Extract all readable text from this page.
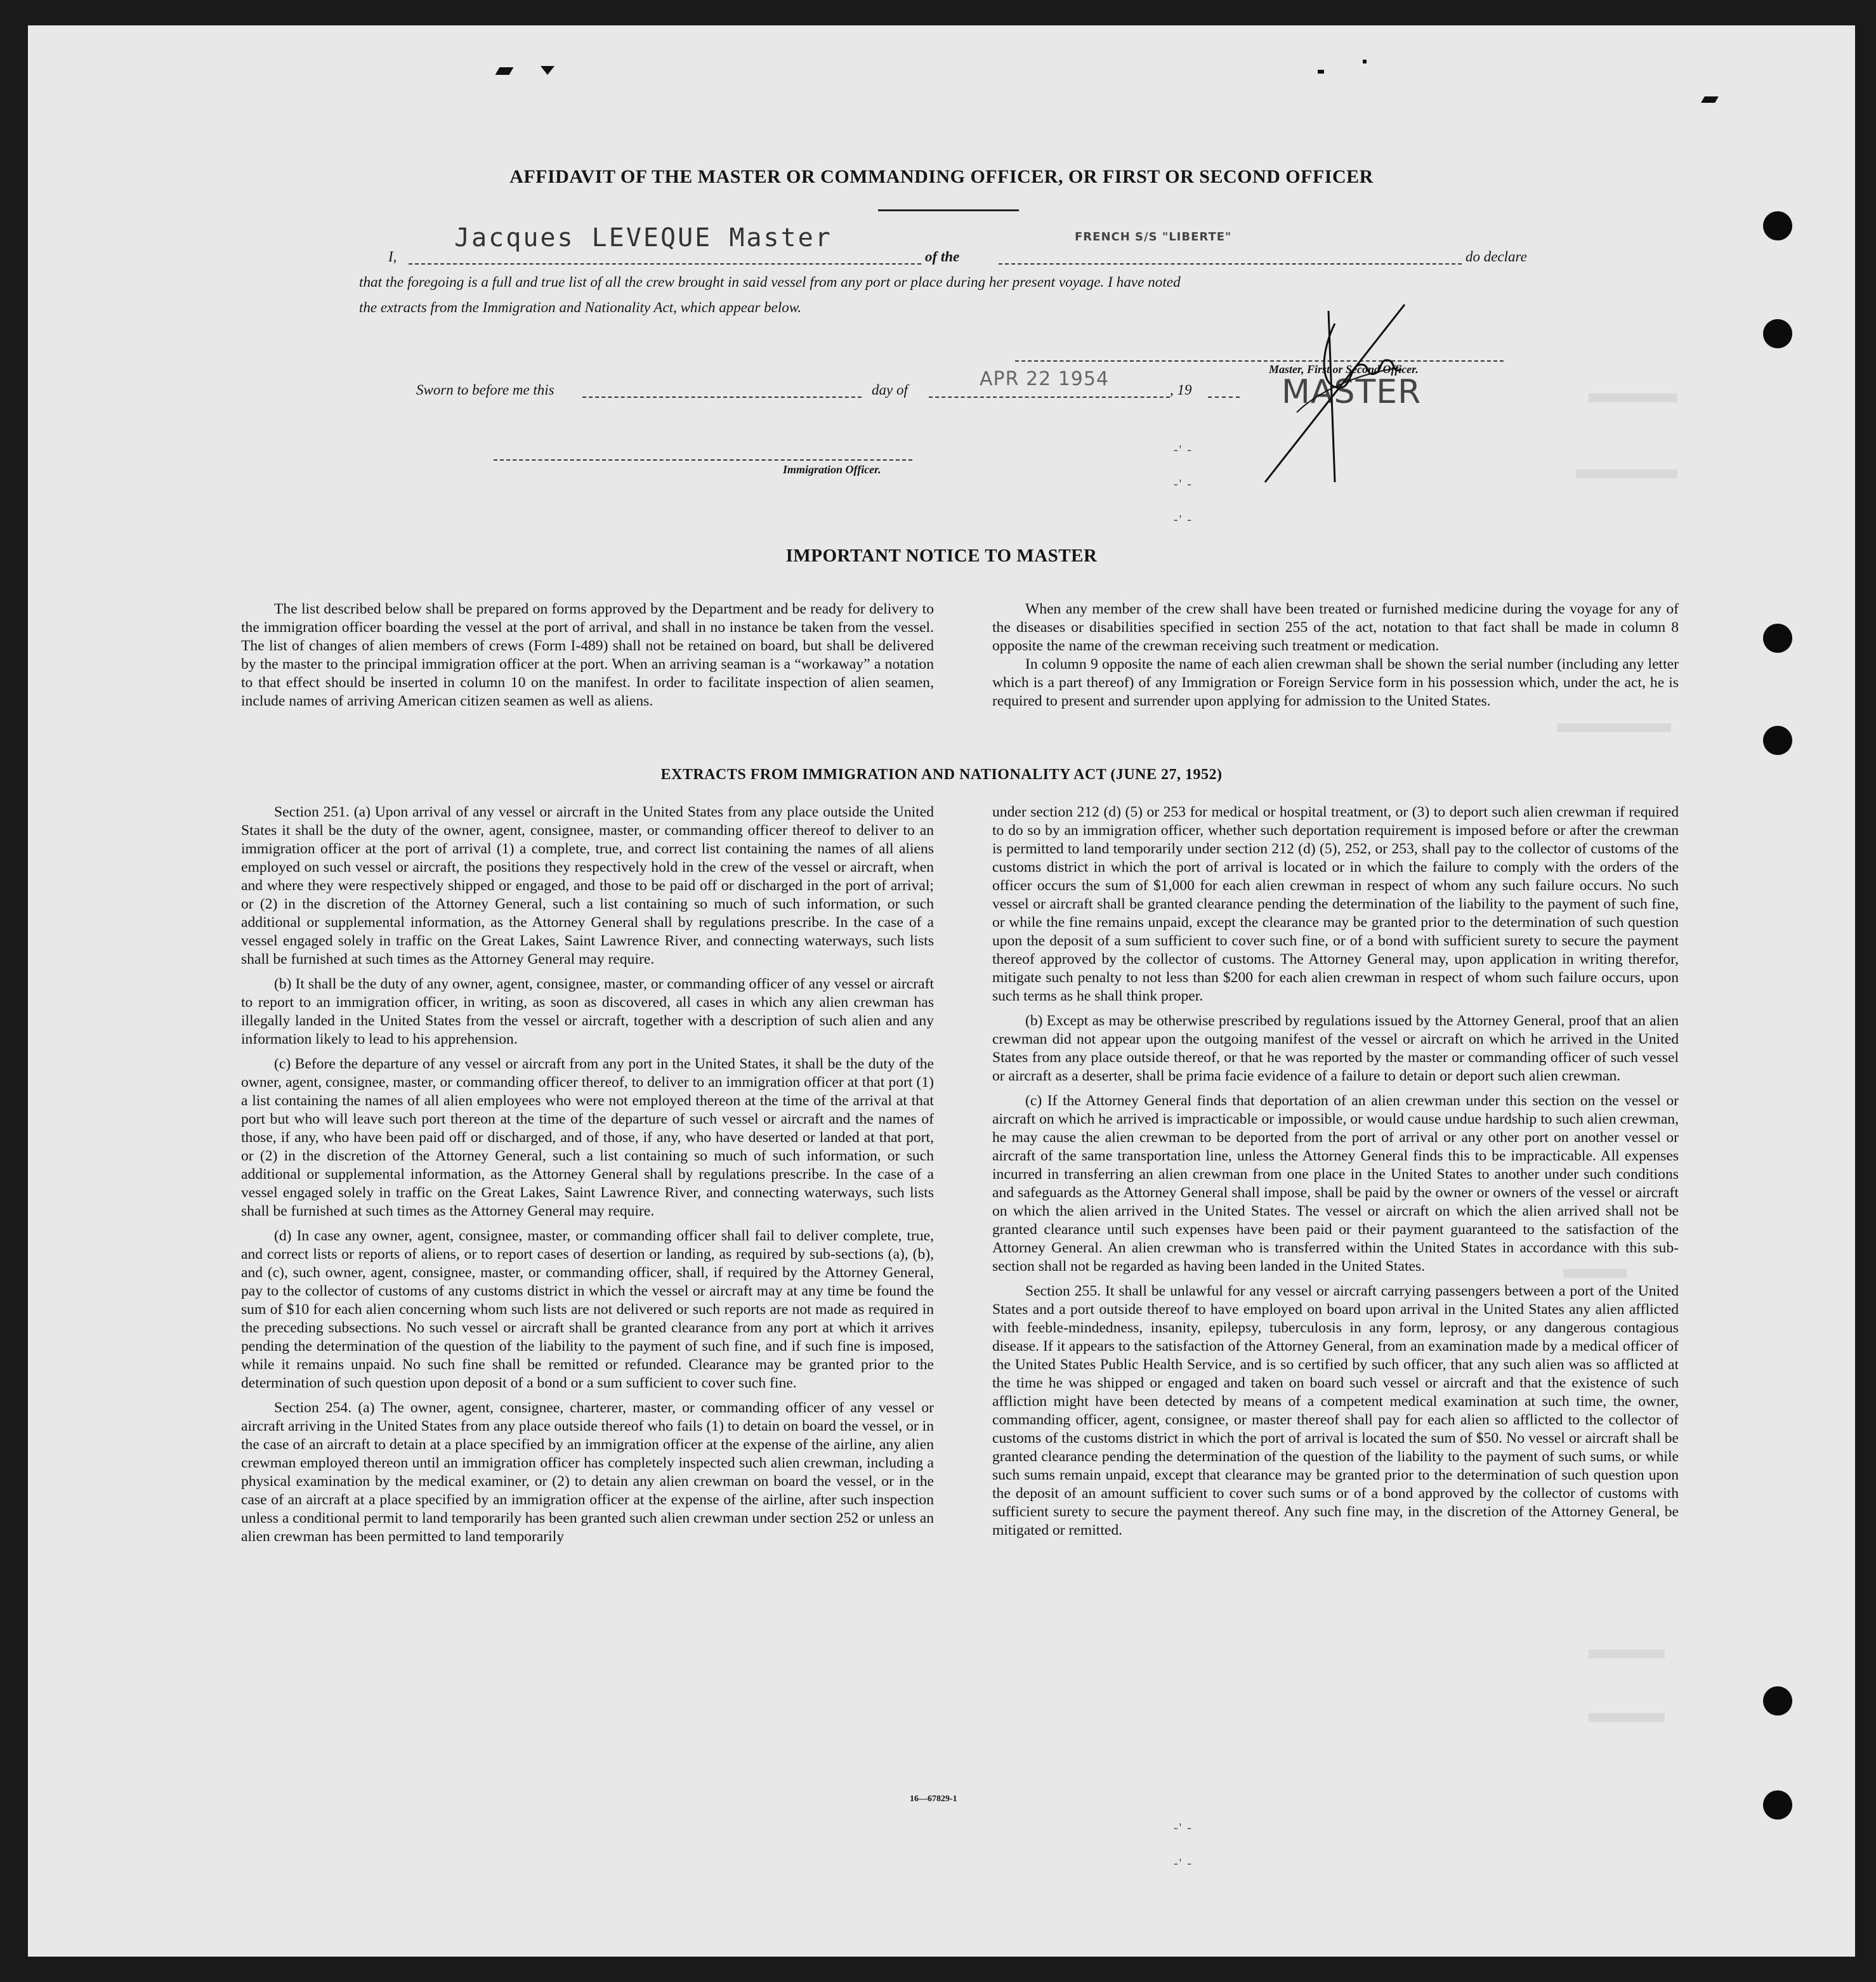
AFFIDAVIT OF THE MASTER OR COMMANDING OFFICER, OR FIRST OR SECOND OFFICER
I,
Jacques LEVEQUE Master
of the
FRENCH S/S "LIBERTE"
do declare
that the foregoing is a full and true list of all the crew brought in said vessel from any port or place during her present voyage. I have noted
the extracts from the Immigration and Nationality Act, which appear below.
Master, First or Second Officer.
MASTER
Sworn to before me this	day of	APR 22 1954	, 19
Immigration Officer.
-' -
-' -
-' -
IMPORTANT NOTICE TO MASTER

The list described below shall be prepared on forms approved by the Department and be ready for delivery to the immigration officer boarding the vessel at the port of arrival, and shall in no instance be taken from the vessel. The list of changes of alien members of crews (Form I-489) shall not be retained on board, but shall be delivered by the master to the principal immigration officer at the port. When an arriving seaman is a “workaway” a notation to that effect should be inserted in column 10 on the manifest. In order to facilitate inspection of alien seamen, include names of arriving American citizen seamen as well as aliens.

When any member of the crew shall have been treated or furnished medicine during the voyage for any of the diseases or disabilities specified in section 255 of the act, notation to that fact shall be made in column 8 opposite the name of the crewman receiving such treatment or medication.

In column 9 opposite the name of each alien crewman shall be shown the serial number (including any letter which is a part thereof) of any Immigration or Foreign Service form in his possession which, under the act, he is required to present and surrender upon applying for admission to the United States.

EXTRACTS FROM IMMIGRATION AND NATIONALITY ACT (JUNE 27, 1952)

Section 251. (a) Upon arrival of any vessel or aircraft in the United States from any place outside the United States it shall be the duty of the owner, agent, consignee, master, or commanding officer thereof to deliver to an immigration officer at the port of arrival (1) a complete, true, and correct list containing the names of all aliens employed on such vessel or aircraft, the positions they respectively hold in the crew of the vessel or aircraft, when and where they were respectively shipped or engaged, and those to be paid off or discharged in the port of arrival; or (2) in the discretion of the Attorney General, such a list containing so much of such information, or such additional or supplemental information, as the Attorney General shall by regulations prescribe. In the case of a vessel engaged solely in traffic on the Great Lakes, Saint Lawrence River, and connecting waterways, such lists shall be furnished at such times as the Attorney General may require.

(b) It shall be the duty of any owner, agent, consignee, master, or commanding officer of any vessel or aircraft to report to an immigration officer, in writing, as soon as discovered, all cases in which any alien crewman has illegally landed in the United States from the vessel or aircraft, together with a description of such alien and any information likely to lead to his apprehension.

(c) Before the departure of any vessel or aircraft from any port in the United States, it shall be the duty of the owner, agent, consignee, master, or commanding officer thereof, to deliver to an immigration officer at that port (1) a list containing the names of all alien employees who were not employed thereon at the time of the arrival at that port but who will leave such port thereon at the time of the departure of such vessel or aircraft and the names of those, if any, who have been paid off or discharged, and of those, if any, who have deserted or landed at that port, or (2) in the discretion of the Attorney General, such a list containing so much of such information, or such additional or supplemental information, as the Attorney General shall by regulations prescribe. In the case of a vessel engaged solely in traffic on the Great Lakes, Saint Lawrence River, and connecting waterways, such lists shall be furnished at such times as the Attorney General may require.

(d) In case any owner, agent, consignee, master, or commanding officer shall fail to deliver complete, true, and correct lists or reports of aliens, or to report cases of desertion or landing, as required by sub-sections (a), (b), and (c), such owner, agent, consignee, master, or commanding officer, shall, if required by the Attorney General, pay to the collector of customs of any customs district in which the vessel or aircraft may at any time be found the sum of $10 for each alien concerning whom such lists are not delivered or such reports are not made as required in the preceding subsections. No such vessel or aircraft shall be granted clearance from any port at which it arrives pending the determination of the question of the liability to the payment of such fine, and if such fine is imposed, while it remains unpaid. No such fine shall be remitted or refunded. Clearance may be granted prior to the determination of such question upon deposit of a bond or a sum sufficient to cover such fine.

Section 254. (a) The owner, agent, consignee, charterer, master, or commanding officer of any vessel or aircraft arriving in the United States from any place outside thereof who fails (1) to detain on board the vessel, or in the case of an aircraft to detain at a place specified by an immigration officer at the expense of the airline, any alien crewman employed thereon until an immigration officer has completely inspected such alien crewman, including a physical examination by the medical examiner, or (2) to detain any alien crewman on board the vessel, or in the case of an aircraft at a place specified by an immigration officer at the expense of the airline, after such inspection unless a conditional permit to land temporarily has been granted such alien crewman under section 252 or unless an alien crewman has been permitted to land temporarily

under section 212 (d) (5) or 253 for medical or hospital treatment, or (3) to deport such alien crewman if required to do so by an immigration officer, whether such deportation requirement is imposed before or after the crewman is permitted to land temporarily under section 212 (d) (5), 252, or 253, shall pay to the collector of customs of the customs district in which the port of arrival is located or in which the failure to comply with the orders of the officer occurs the sum of $1,000 for each alien crewman in respect of whom any such failure occurs. No such vessel or aircraft shall be granted clearance pending the determination of the liability to the payment of such fine, or while the fine remains unpaid, except the clearance may be granted prior to the determination of such question upon the deposit of a sum sufficient to cover such fine, or of a bond with sufficient surety to secure the payment thereof approved by the collector of customs. The Attorney General may, upon application in writing therefor, mitigate such penalty to not less than $200 for each alien crewman in respect of whom such failure occurs, upon such terms as he shall think proper.

(b) Except as may be otherwise prescribed by regulations issued by the Attorney General, proof that an alien crewman did not appear upon the outgoing manifest of the vessel or aircraft on which he arrived in the United States from any place outside thereof, or that he was reported by the master or commanding officer of such vessel or aircraft as a deserter, shall be prima facie evidence of a failure to detain or deport such alien crewman.

(c) If the Attorney General finds that deportation of an alien crewman under this section on the vessel or aircraft on which he arrived is impracticable or impossible, or would cause undue hardship to such alien crewman, he may cause the alien crewman to be deported from the port of arrival or any other port on another vessel or aircraft of the same transportation line, unless the Attorney General finds this to be impracticable. All expenses incurred in transferring an alien crewman from one place in the United States to another under such conditions and safeguards as the Attorney General shall impose, shall be paid by the owner or owners of the vessel or aircraft on which the alien arrived in the United States. The vessel or aircraft on which the alien arrived shall not be granted clearance until such expenses have been paid or their payment guaranteed to the satisfaction of the Attorney General. An alien crewman who is transferred within the United States in accordance with this sub-section shall not be regarded as having been landed in the United States.

Section 255. It shall be unlawful for any vessel or aircraft carrying passengers between a port of the United States and a port outside thereof to have employed on board upon arrival in the United States any alien afflicted with feeble-mindedness, insanity, epilepsy, tuberculosis in any form, leprosy, or any dangerous contagious disease. If it appears to the satisfaction of the Attorney General, from an examination made by a medical officer of the United States Public Health Service, and is so certified by such officer, that any such alien was so afflicted at the time he was shipped or engaged and taken on board such vessel or aircraft and that the existence of such affliction might have been detected by means of a competent medical examination at such time, the owner, commanding officer, agent, consignee, or master thereof shall pay for each alien so afflicted to the collector of customs of the customs district in which the port of arrival is located the sum of $50. No vessel or aircraft shall be granted clearance pending the determination of the question of the liability to the payment of such sums, or while such sums remain unpaid, except that clearance may be granted prior to the determination of such question upon the deposit of an amount sufficient to cover such sums or of a bond approved by the collector of customs with sufficient surety to secure the payment thereof. Any such fine may, in the discretion of the Attorney General, be mitigated or remitted.

16—67829-1
-' -
-' -
